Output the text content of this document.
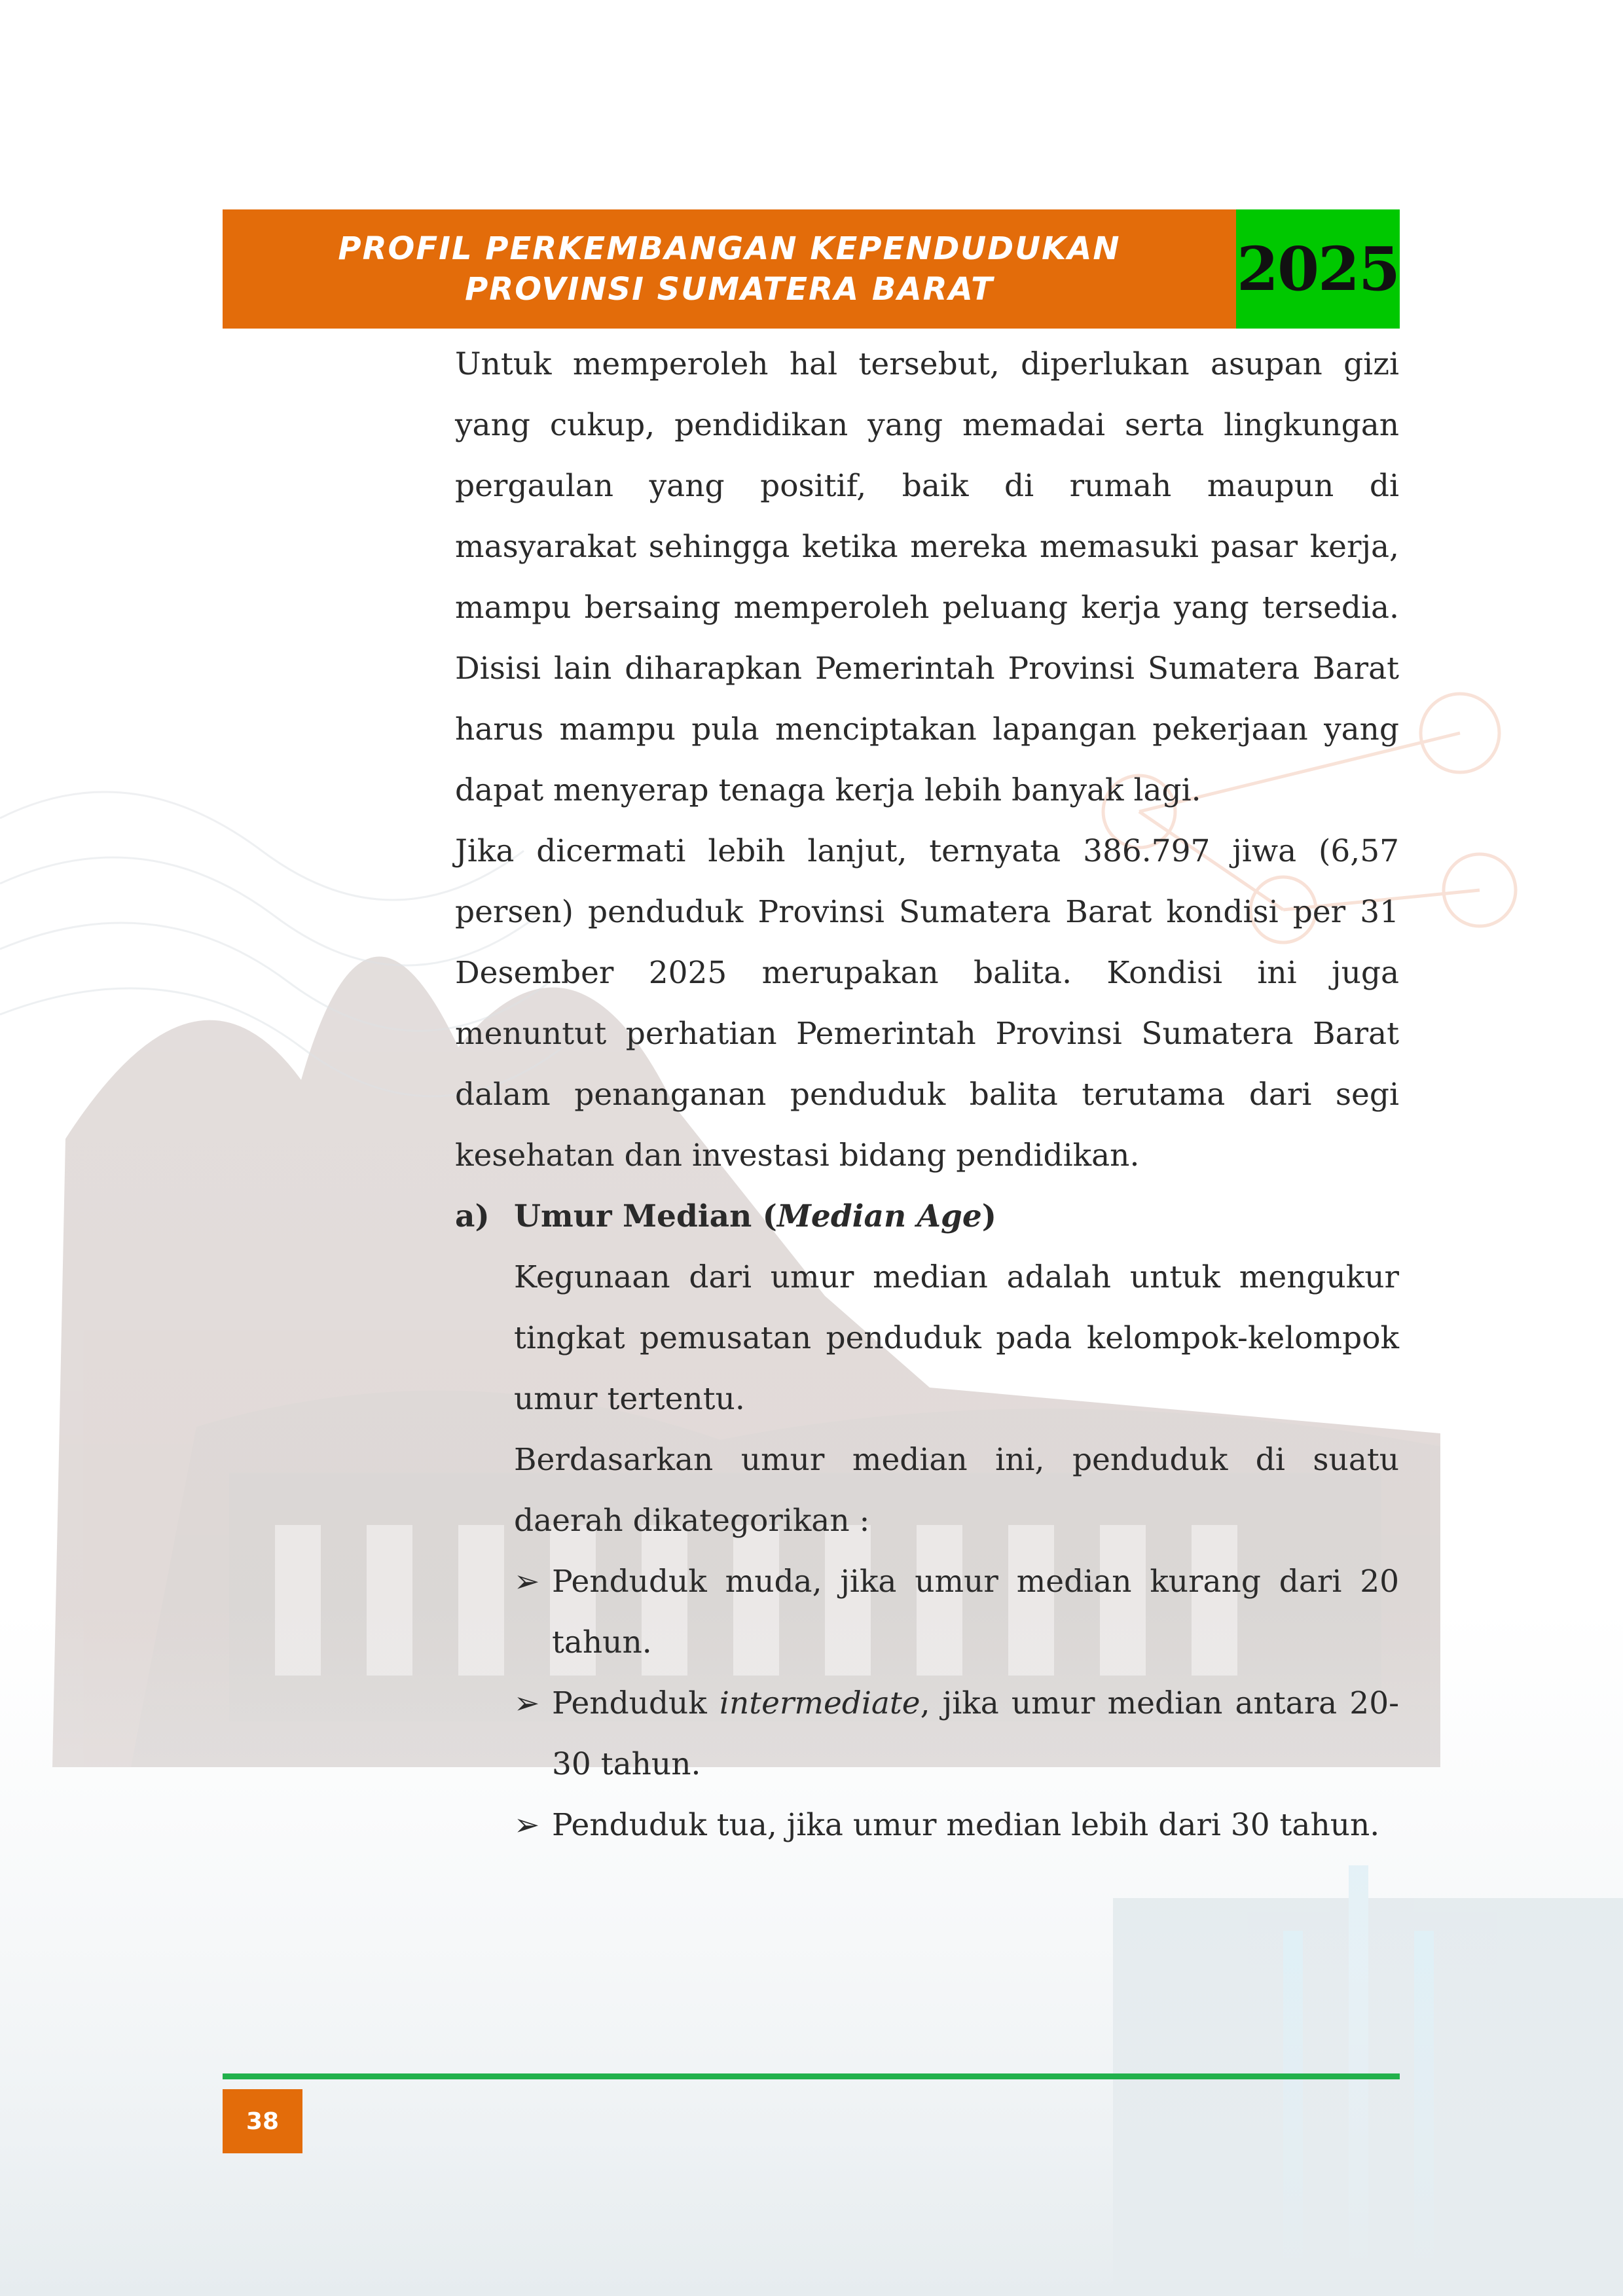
PROFIL PERKEMBANGAN KEPENDUDUKAN
PROVINSI SUMATERA BARAT	2025

Untuk memperoleh hal tersebut, diperlukan asupan gizi yang cukup, pendidikan yang memadai serta lingkungan pergaulan yang positif, baik di rumah maupun di masyarakat sehingga ketika mereka memasuki pasar kerja, mampu bersaing memperoleh peluang kerja yang tersedia. Disisi lain diharapkan Pemerintah Provinsi Sumatera Barat harus mampu pula menciptakan lapangan pekerjaan yang dapat menyerap tenaga kerja lebih banyak lagi.

Jika dicermati lebih lanjut, ternyata 386.797 jiwa (6,57 persen) penduduk Provinsi Sumatera Barat kondisi per 31 Desember 2025 merupakan balita. Kondisi ini juga menuntut perhatian Pemerintah Provinsi Sumatera Barat dalam penanganan penduduk balita terutama dari segi kesehatan dan investasi bidang pendidikan.

a) Umur Median (Median Age)

Kegunaan dari umur median adalah untuk mengukur tingkat pemusatan penduduk pada kelompok-kelompok umur tertentu.

Berdasarkan umur median ini, penduduk di suatu daerah dikategorikan :

➢ Penduduk muda, jika umur median kurang dari 20 tahun.
➢ Penduduk intermediate, jika umur median antara 20-30 tahun.
➢ Penduduk tua, jika umur median lebih dari 30 tahun.
38
